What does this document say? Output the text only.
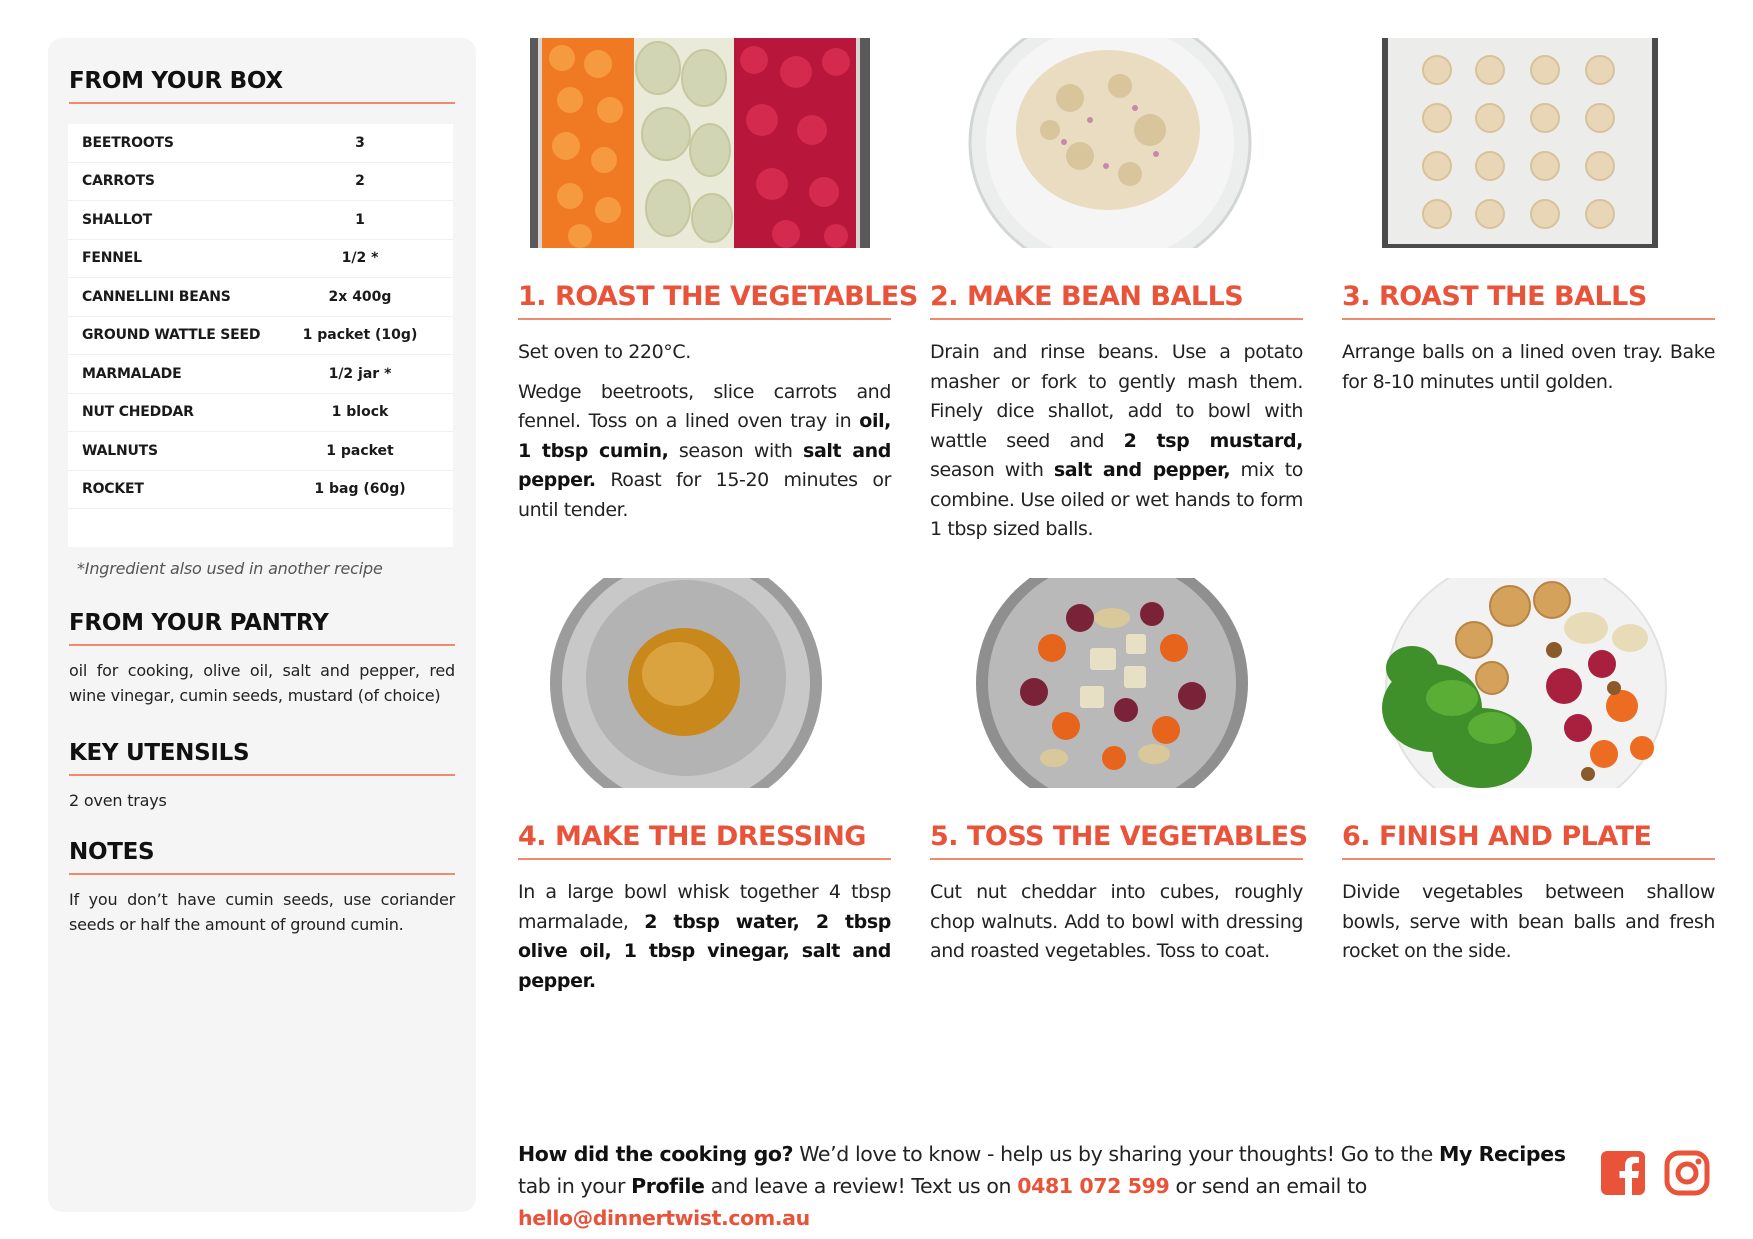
FROM YOUR BOX
BEETROOTS	3
CARROTS	2
SHALLOT	1
FENNEL	1/2 *
CANNELLINI BEANS	2x 400g
GROUND WATTLE SEED	1 packet (10g)
MARMALADE	1/2 jar *
NUT CHEDDAR	1 block
WALNUTS	1 packet
ROCKET	1 bag (60g)
*Ingredient also used in another recipe
FROM YOUR PANTRY
oil for cooking, olive oil, salt and pepper, red wine vinegar, cumin seeds, mustard (of choice)
KEY UTENSILS
2 oven trays
NOTES
If you don’t have cumin seeds, use coriander seeds or half the amount of ground cumin.
1. ROAST THE VEGETABLES

Set oven to 220°C.

Wedge beetroots, slice carrots and fennel. Toss on a lined oven tray in oil, 1 tbsp cumin, season with salt and pepper. Roast for 15-20 minutes or until tender.

2. MAKE BEAN BALLS

Drain and rinse beans. Use a potato masher or fork to gently mash them. Finely dice shallot, add to bowl with wattle seed and 2 tsp mustard, season with salt and pepper, mix to combine. Use oiled or wet hands to form 1 tbsp sized balls.

3. ROAST THE BALLS

Arrange balls on a lined oven tray. Bake for 8-10 minutes until golden.

4. MAKE THE DRESSING

In a large bowl whisk together 4 tbsp marmalade, 2 tbsp water, 2 tbsp olive oil, 1 tbsp vinegar, salt and pepper.

5. TOSS THE VEGETABLES

Cut nut cheddar into cubes, roughly chop walnuts. Add to bowl with dressing and roasted vegetables. Toss to coat.

6. FINISH AND PLATE

Divide vegetables between shallow bowls, serve with bean balls and fresh rocket on the side.

How did the cooking go? We’d love to know - help us by sharing your thoughts! Go to the My Recipes tab in your Profile and leave a review! Text us on 0481 072 599 or send an email to hello@dinnertwist.com.au
